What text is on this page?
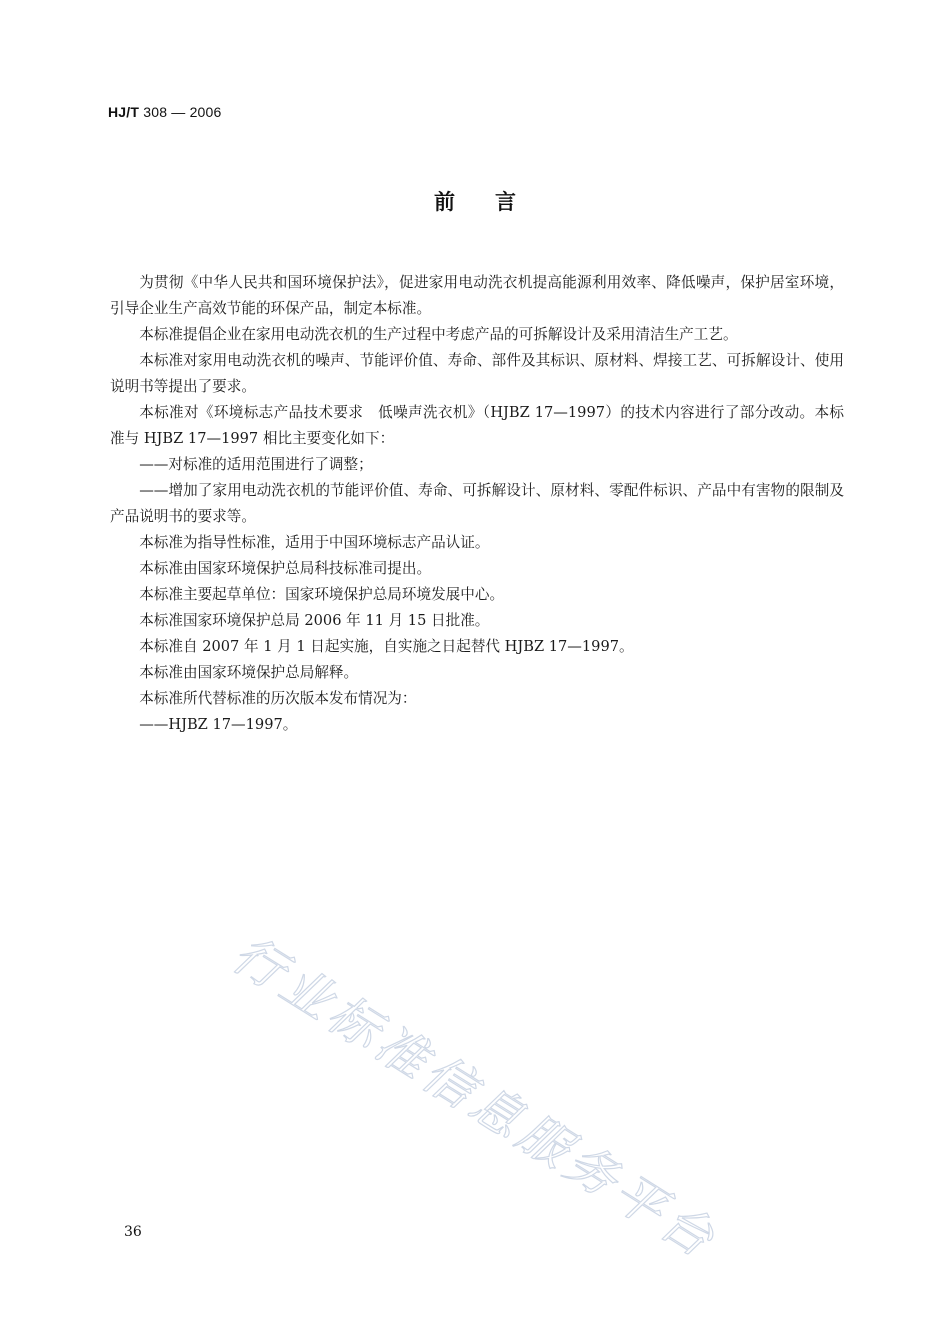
HJ/T 308 — 2006
前言

为贯彻《中华人民共和国环境保护法》，促进家用电动洗衣机提高能源利用效率、降低噪声，保护居室环境，引导企业生产高效节能的环保产品，制定本标准。

本标准提倡企业在家用电动洗衣机的生产过程中考虑产品的可拆解设计及采用清洁生产工艺。

本标准对家用电动洗衣机的噪声、节能评价值、寿命、部件及其标识、原材料、焊接工艺、可拆解设计、使用说明书等提出了要求。

本标准对《环境标志产品技术要求　低噪声洗衣机》（HJBZ 17—1997）的技术内容进行了部分改动。本标准与 HJBZ 17—1997 相比主要变化如下：

——对标准的适用范围进行了调整；

——增加了家用电动洗衣机的节能评价值、寿命、可拆解设计、原材料、零配件标识、产品中有害物的限制及产品说明书的要求等。

本标准为指导性标准，适用于中国环境标志产品认证。

本标准由国家环境保护总局科技标准司提出。

本标准主要起草单位：国家环境保护总局环境发展中心。

本标准国家环境保护总局 2006 年 11 月 15 日批准。

本标准自 2007 年 1 月 1 日起实施，自实施之日起替代 HJBZ 17—1997。

本标准由国家环境保护总局解释。

本标准所代替标准的历次版本发布情况为：

——HJBZ 17—1997。

行业标准信息服务平台
36
